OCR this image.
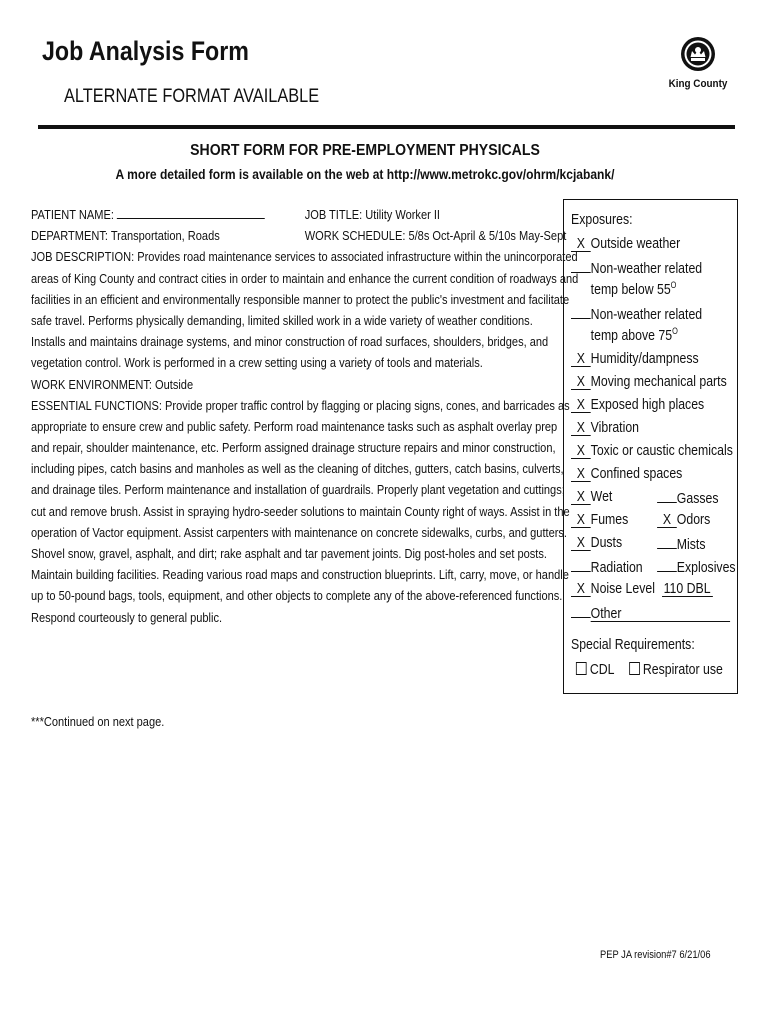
Job Analysis Form
ALTERNATE FORMAT AVAILABLE
King County
SHORT FORM FOR PRE-EMPLOYMENT PHYSICALS
A more detailed form is available on the web at http://www.metrokc.gov/ohrm/kcjabank/
PATIENT NAME:	JOB TITLE: Utility Worker II
DEPARTMENT: Transportation, Roads	WORK SCHEDULE: 5/8s Oct-April & 5/10s May-Sept
JOB DESCRIPTION: Provides road maintenance services to associated infrastructure within the unincorporated
areas of King County and contract cities in order to maintain and enhance the current condition of roadways and
facilities in an efficient and environmentally responsible manner to protect the public's investment and facilitate
safe travel. Performs physically demanding, limited skilled work in a wide variety of weather conditions.
Installs and maintains drainage systems, and minor construction of road surfaces, shoulders, bridges, and
vegetation control. Work is performed in a crew setting using a variety of tools and materials.
WORK ENVIRONMENT: Outside
ESSENTIAL FUNCTIONS: Provide proper traffic control by flagging or placing signs, cones, and barricades as
appropriate to ensure crew and public safety. Perform road maintenance tasks such as asphalt overlay prep
and repair, shoulder maintenance, etc. Perform assigned drainage structure repairs and minor construction,
including pipes, catch basins and manholes as well as the cleaning of ditches, gutters, catch basins, culverts,
and drainage tiles. Perform maintenance and installation of guardrails. Properly plant vegetation and cuttings;
cut and remove brush. Assist in spraying hydro-seeder solutions to maintain County right of ways. Assist in the
operation of Vactor equipment. Assist carpenters with maintenance on concrete sidewalks, curbs, and gutters.
Shovel snow, gravel, asphalt, and dirt; rake asphalt and tar pavement joints. Dig post-holes and set posts.
Maintain building facilities. Reading various road maps and construction blueprints. Lift, carry, move, or handle
up to 50-pound bags, tools, equipment, and other objects to complete any of the above-referenced functions.
Respond courteously to general public.
***Continued on next page.
Exposures:
X Outside weather
Non-weather related
temp below $55^O$
Non-weather related
temp above $75^O$
X Humidity/dampness
X Moving mechanical parts
X Exposed high places
X Vibration
X Toxic or caustic chemicals
X Confined spaces
X Wet	Gasses
X Fumes	X Odors
X Dusts	Mists
Radiation	Explosives
X Noise Level 110 DBL
Other
Special Requirements:
CDL Respirator use
PEP JA revision#7 6/21/06
